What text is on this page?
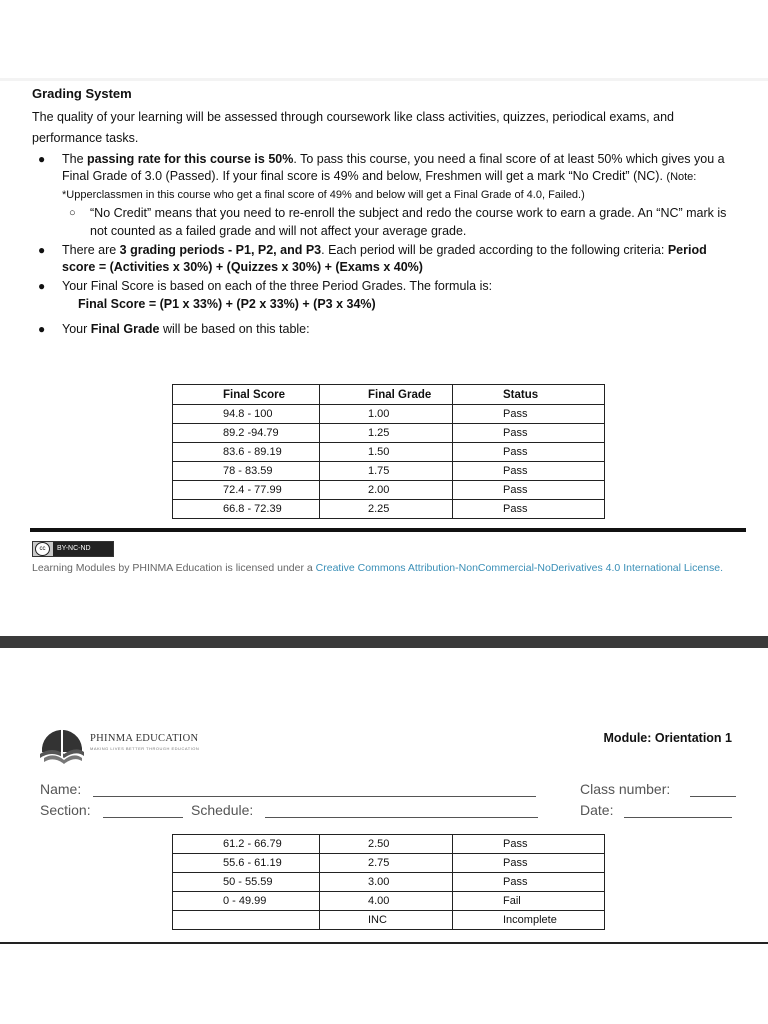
Grading System

The quality of your learning will be assessed through coursework like class activities, quizzes, periodical exams, and performance tasks.

● The passing rate for this course is 50%. To pass this course, you need a final score of at least 50% which gives you a Final Grade of 3.0 (Passed). If your final score is 49% and below, Freshmen will get a mark “No Credit” (NC). (Note: *Upperclassmen in this course who get a final score of 49% and below will get a Final Grade of 4.0, Failed.)
○ “No Credit” means that you need to re-enroll the subject and redo the course work to earn a grade. An “NC” mark is not counted as a failed grade and will not affect your average grade.
● There are 3 grading periods - P1, P2, and P3. Each period will be graded according to the following criteria: Period score = (Activities x 30%) + (Quizzes x 30%) + (Exams x 40%)
● Your Final Score is based on each of the three Period Grades. The formula is:
Final Score = (P1 x 33%) + (P2 x 33%) + (P3 x 34%)
● Your Final Grade will be based on this table:
Final Score	Final Grade	Status
94.8 - 100	1.00	Pass
89.2 -94.79	1.25	Pass
83.6 - 89.19	1.50	Pass
78 - 83.59	1.75	Pass
72.4 - 77.99	2.00	Pass
66.8 - 72.39	2.25	Pass
cc	BY-NC-ND
Learning Modules by PHINMA Education is licensed under a Creative Commons Attribution-NonCommercial-NoDerivatives 4.0 International License.
PHINMA EDUCATION
MAKING LIVES BETTER THROUGH EDUCATION
Module: Orientation 1
Name:	Class number:
Section:	Schedule:	Date:
61.2 - 66.79	2.50	Pass
55.6 - 61.19	2.75	Pass
50 - 55.59	3.00	Pass
0 - 49.99	4.00	Fail
	INC	Incomplete
